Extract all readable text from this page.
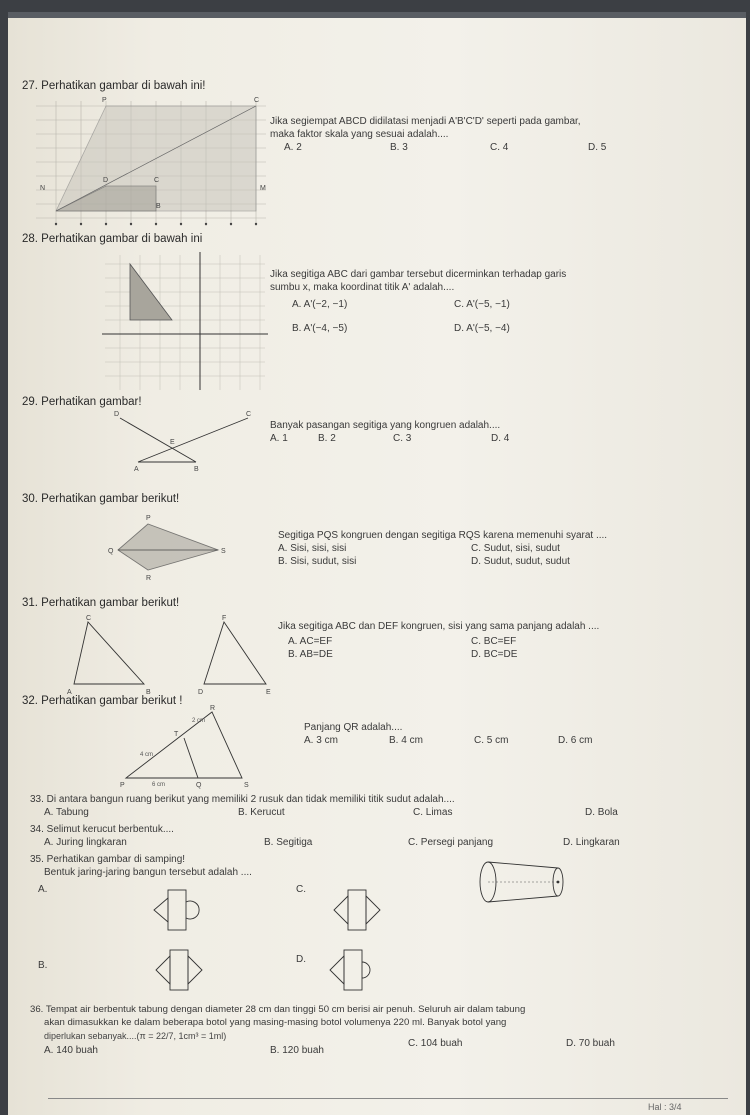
27. Perhatikan gambar di bawah ini!
P	C
N
D	C
B
M
Jika segiempat ABCD didilatasi menjadi A'B'C'D' seperti pada gambar,
maka faktor skala yang sesuai adalah....
A. 2	B. 3	C. 4	D. 5
28. Perhatikan gambar di bawah ini
Jika segitiga ABC dari gambar tersebut dicerminkan terhadap garis
sumbu x, maka koordinat titik A' adalah....
A. A'(−2, −1)	C. A'(−5, −1)
B. A'(−4, −5)	D. A'(−5, −4)
29. Perhatikan gambar!
D	C
E
A	B
Banyak pasangan segitiga yang kongruen adalah....
A. 1	B. 2	C. 3	D. 4
30. Perhatikan gambar berikut!
P
Q	S
R
Segitiga PQS kongruen dengan segitiga RQS karena memenuhi syarat ....
A. Sisi, sisi, sisi	C. Sudut, sisi, sudut
B. Sisi, sudut, sisi	D. Sudut, sudut, sudut
31. Perhatikan gambar berikut!
C	F
A	B	D	E
Jika segitiga ABC dan DEF kongruen, sisi yang sama panjang adalah ....
A. AC=EF	C. BC=EF
B. AB=DE	D. BC=DE
32. Perhatikan gambar berikut !
R
T
P	Q	S
2 cm
4 cm
6 cm
Panjang QR adalah....
A. 3 cm	B. 4 cm	C. 5 cm	D. 6 cm
33. Di antara bangun ruang berikut yang memiliki 2 rusuk dan tidak memiliki titik sudut adalah....
A. Tabung	B. Kerucut	C. Limas	D. Bola
34. Selimut kerucut berbentuk....
A. Juring lingkaran	B. Segitiga	C. Persegi panjang	D. Lingkaran
35. Perhatikan gambar di samping!
Bentuk jaring-jaring bangun tersebut adalah ....
A.	C.
B.
D.
36. Tempat air berbentuk tabung dengan diameter 28 cm dan tinggi 50 cm berisi air penuh. Seluruh air dalam tabung
akan dimasukkan ke dalam beberapa botol yang masing-masing botol volumenya 220 ml. Banyak botol yang
diperlukan sebanyak....(π = 22/7, 1cm³ = 1ml)
A. 140 buah	B. 120 buah
C. 104 buah	D. 70 buah
Hal : 3/4
